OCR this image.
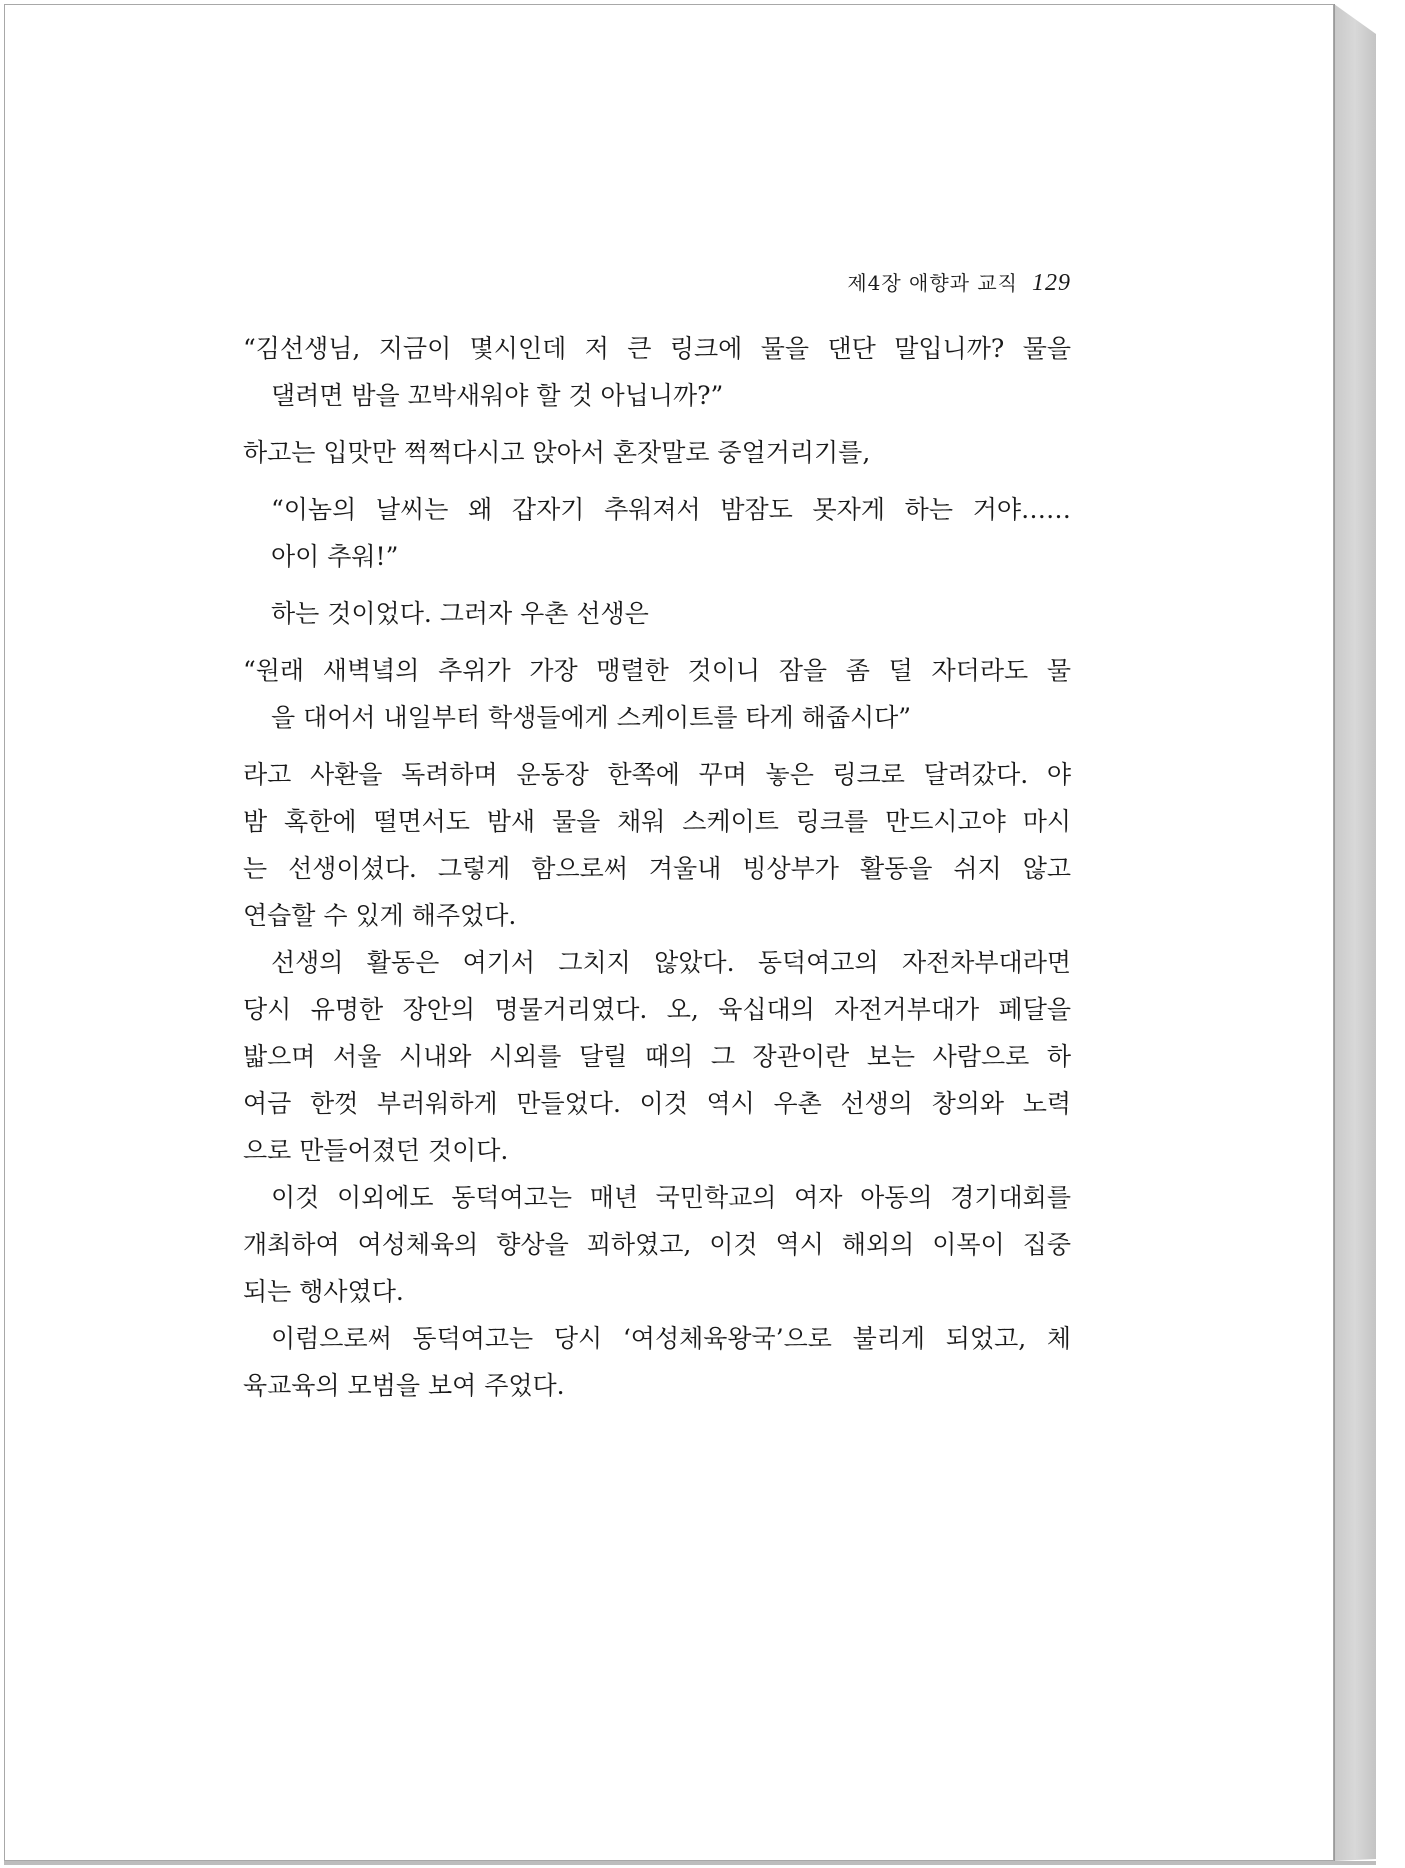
제4장 애향과 교직 129
“김선생님, 지금이 몇시인데 저 큰 링크에 물을 댄단 말입니까? 물을
댈려면 밤을 꼬박새워야 할 것 아닙니까?”
하고는 입맛만 쩍쩍다시고 앉아서 혼잣말로 중얼거리기를,
“이놈의 날씨는 왜 갑자기 추워져서 밤잠도 못자게 하는 거야……
아이 추워!”
하는 것이었다. 그러자 우촌 선생은
“원래 새벽녘의 추위가 가장 맹렬한 것이니 잠을 좀 덜 자더라도 물
을 대어서 내일부터 학생들에게 스케이트를 타게 해줍시다”
라고 사환을 독려하며 운동장 한쪽에 꾸며 놓은 링크로 달려갔다. 야
밤 혹한에 떨면서도 밤새 물을 채워 스케이트 링크를 만드시고야 마시
는 선생이셨다. 그렇게 함으로써 겨울내 빙상부가 활동을 쉬지 않고
연습할 수 있게 해주었다.
선생의 활동은 여기서 그치지 않았다. 동덕여고의 자전차부대라면
당시 유명한 장안의 명물거리였다. 오, 육십대의 자전거부대가 페달을
밟으며 서울 시내와 시외를 달릴 때의 그 장관이란 보는 사람으로 하
여금 한껏 부러워하게 만들었다. 이것 역시 우촌 선생의 창의와 노력
으로 만들어졌던 것이다.
이것 이외에도 동덕여고는 매년 국민학교의 여자 아동의 경기대회를
개최하여 여성체육의 향상을 꾀하였고, 이것 역시 해외의 이목이 집중
되는 행사였다.
이럼으로써 동덕여고는 당시 ‘여성체육왕국’으로 불리게 되었고, 체
육교육의 모범을 보여 주었다.
